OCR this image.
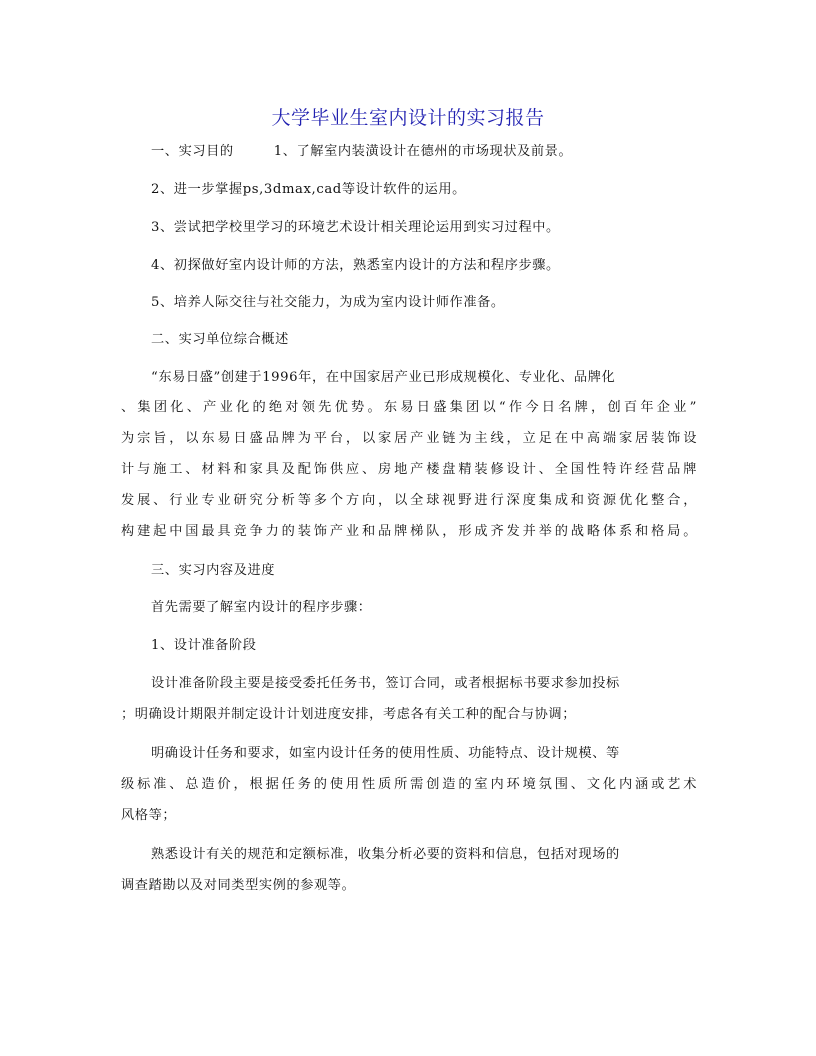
大学毕业生室内设计的实习报告
一、实习目的	1、了解室内装潢设计在德州的市场现状及前景。
2、进一步掌握ps,3dmax,cad等设计软件的运用。
3、尝试把学校里学习的环境艺术设计相关理论运用到实习过程中。
4、初探做好室内设计师的方法，熟悉室内设计的方法和程序步骤。
5、培养人际交往与社交能力，为成为室内设计师作准备。
二、实习单位综合概述
“东易日盛”创建于1996年，在中国家居产业已形成规模化、专业化、品牌化
、集团化、产业化的绝对领先优势。东易日盛集团以“作今日名牌，创百年企业”
为宗旨，以东易日盛品牌为平台，以家居产业链为主线，立足在中高端家居装饰设
计与施工、材料和家具及配饰供应、房地产楼盘精装修设计、全国性特许经营品牌
发展、行业专业研究分析等多个方向，以全球视野进行深度集成和资源优化整合，
构建起中国最具竞争力的装饰产业和品牌梯队，形成齐发并举的战略体系和格局。
三、实习内容及进度
首先需要了解室内设计的程序步骤：
1、设计准备阶段
设计准备阶段主要是接受委托任务书，签订合同，或者根据标书要求参加投标
；明确设计期限并制定设计计划进度安排，考虑各有关工种的配合与协调；
明确设计任务和要求，如室内设计任务的使用性质、功能特点、设计规模、等
级标准、总造价，根据任务的使用性质所需创造的室内环境氛围、文化内涵或艺术
风格等；
熟悉设计有关的规范和定额标准，收集分析必要的资料和信息，包括对现场的
调查踏勘以及对同类型实例的参观等。
